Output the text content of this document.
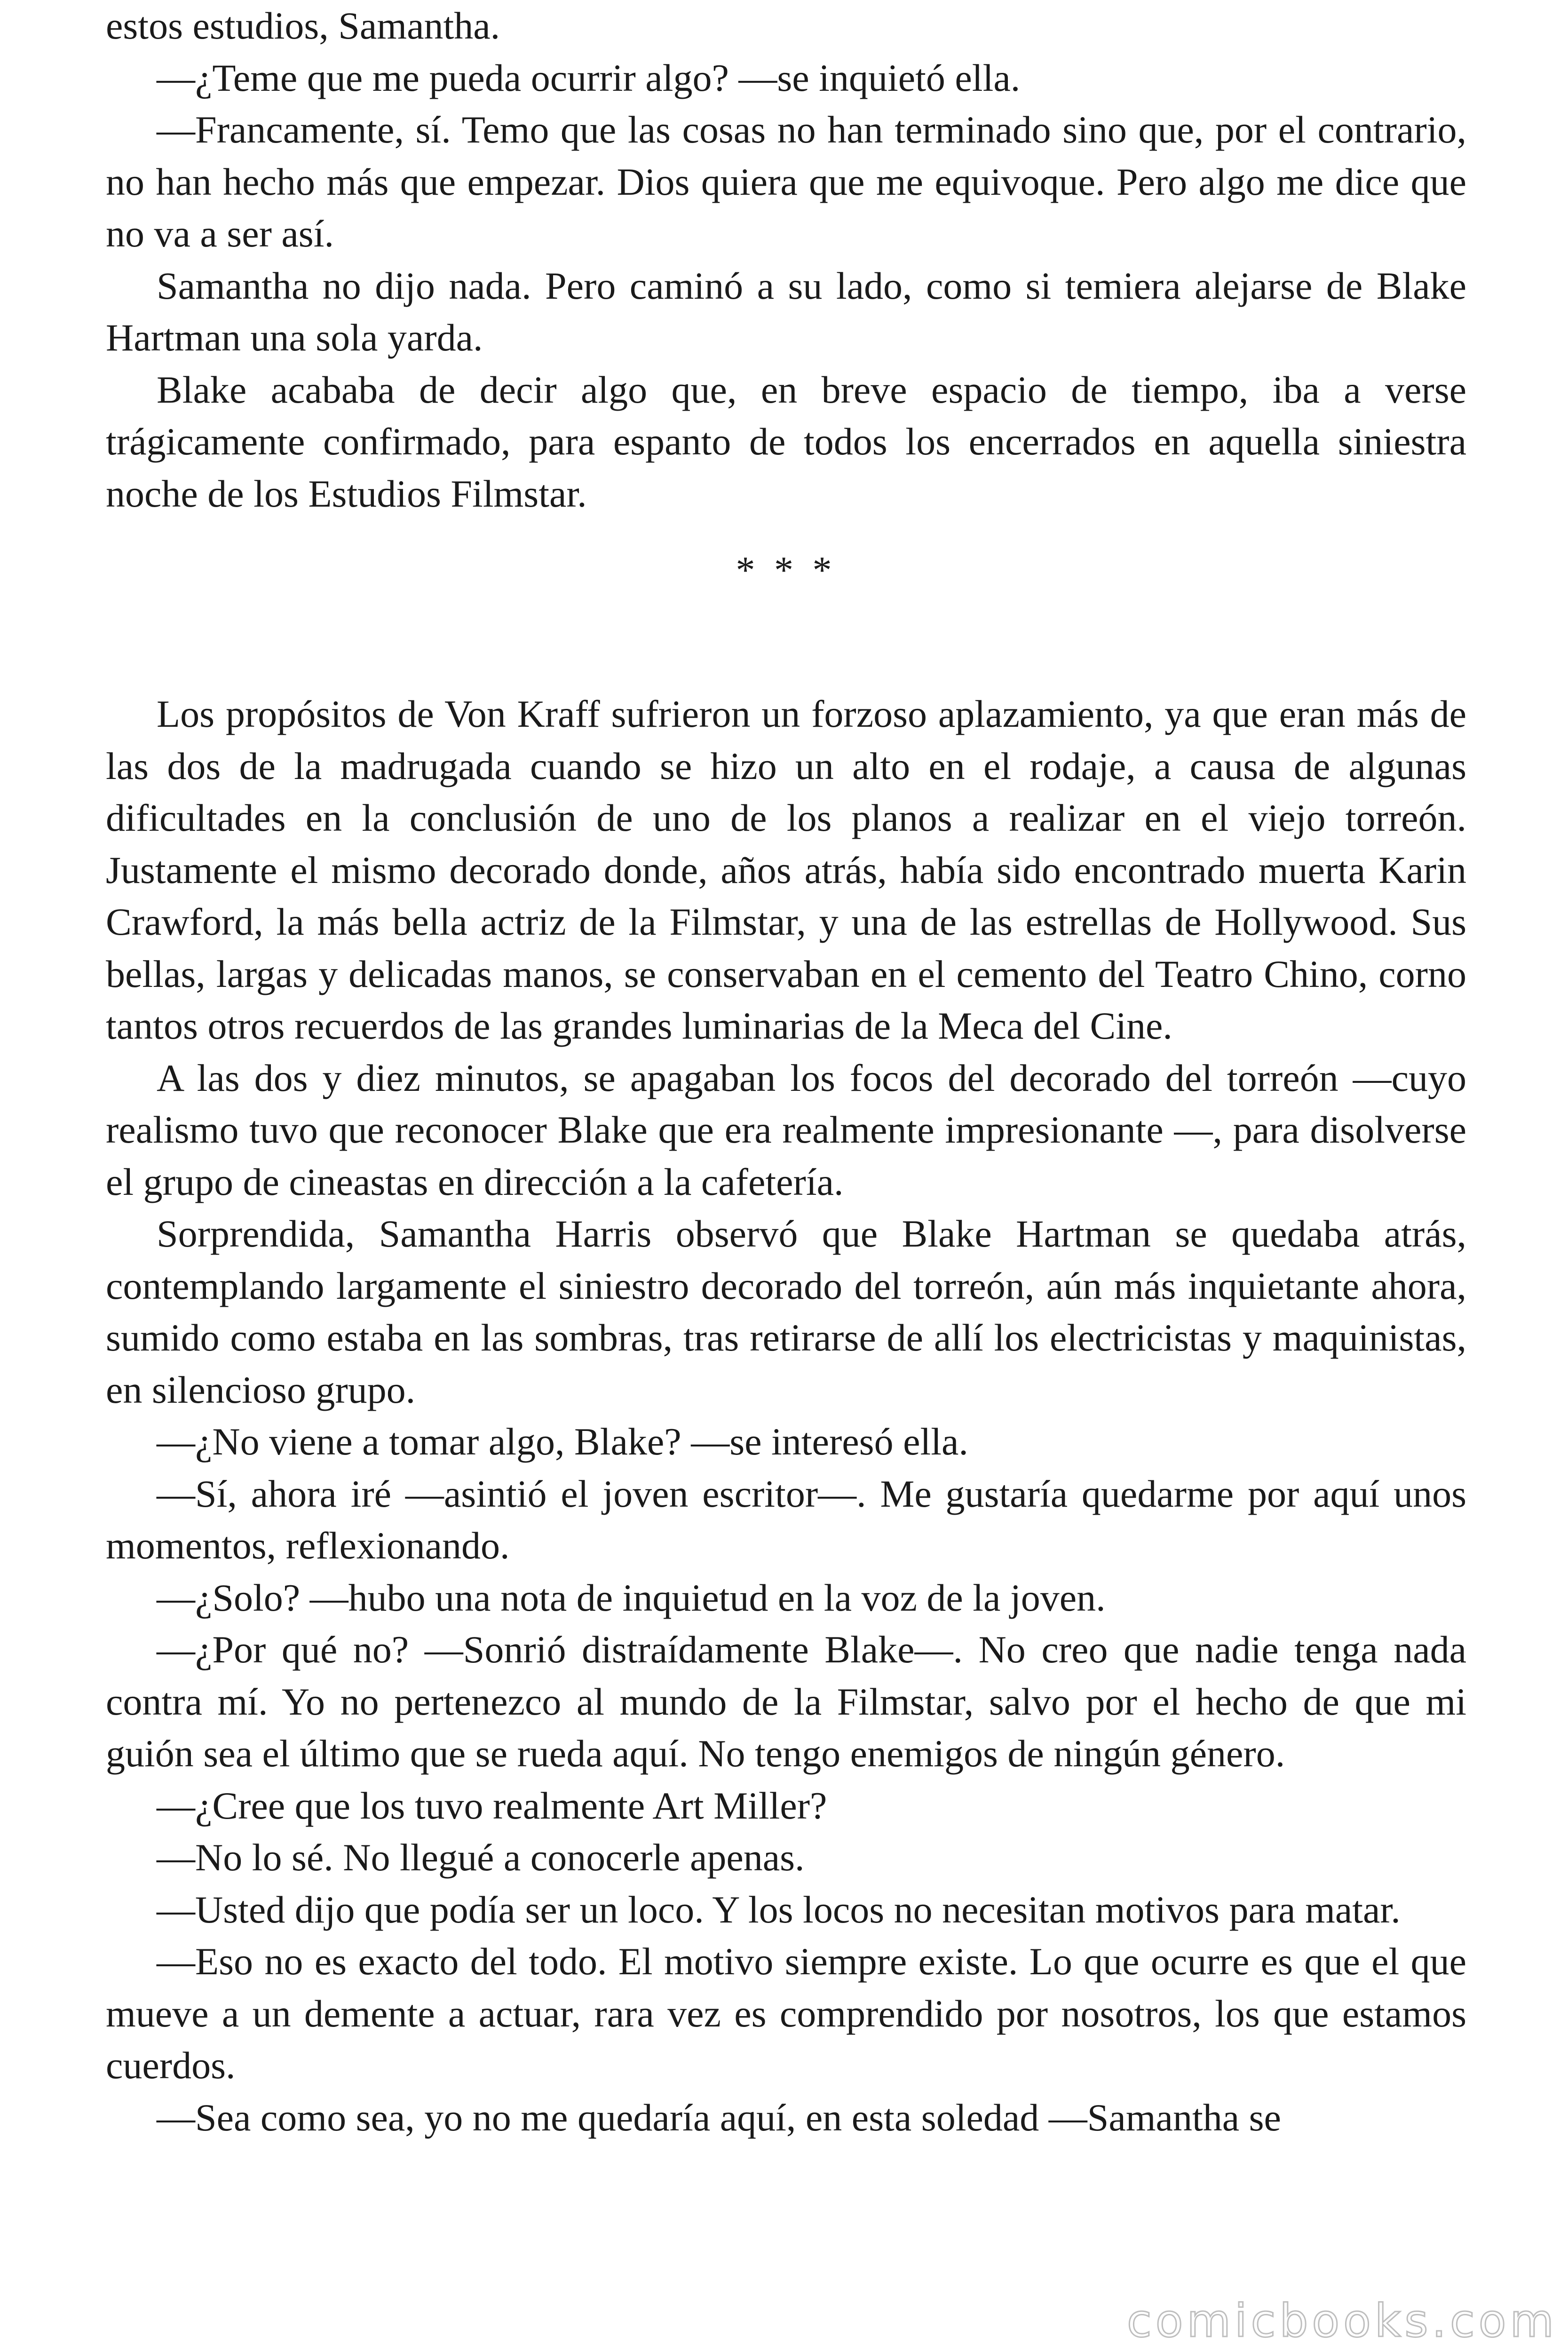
estos estudios, Samantha.

—¿Teme que me pueda ocurrir algo? —se inquietó ella.

—Francamente, sí. Temo que las cosas no han terminado sino que, por el contrario, no han hecho más que empezar. Dios quiera que me equivoque. Pero algo me dice que no va a ser así.

Samantha no dijo nada. Pero caminó a su lado, como si temiera alejarse de Blake Hartman una sola yarda.

Blake acababa de decir algo que, en breve espacio de tiempo, iba a verse trágicamente confirmado, para espanto de todos los encerrados en aquella siniestra noche de los Estudios Filmstar.

* * *

Los propósitos de Von Kraff sufrieron un forzoso aplazamiento, ya que eran más de las dos de la madrugada cuando se hizo un alto en el rodaje, a causa de algunas dificultades en la conclusión de uno de los planos a realizar en el viejo torreón. Justamente el mismo decorado donde, años atrás, había sido encontrado muerta Karin Crawford, la más bella actriz de la Filmstar, y una de las estrellas de Hollywood. Sus bellas, largas y delicadas manos, se conservaban en el cemento del Teatro Chino, corno tantos otros recuerdos de las grandes luminarias de la Meca del Cine.

A las dos y diez minutos, se apagaban los focos del decorado del torreón —cuyo realismo tuvo que reconocer Blake que era realmente impresionante —, para disolverse el grupo de cineastas en dirección a la cafetería.

Sorprendida, Samantha Harris observó que Blake Hartman se quedaba atrás, contemplando largamente el siniestro decorado del torreón, aún más inquietante ahora, sumido como estaba en las sombras, tras retirarse de allí los electricistas y maquinistas, en silencioso grupo.

—¿No viene a tomar algo, Blake? —se interesó ella.

—Sí, ahora iré —asintió el joven escritor—. Me gustaría quedarme por aquí unos momentos, reflexionando.

—¿Solo? —hubo una nota de inquietud en la voz de la joven.

—¿Por qué no? —Sonrió distraídamente Blake—. No creo que nadie tenga nada contra mí. Yo no pertenezco al mundo de la Filmstar, salvo por el hecho de que mi guión sea el último que se rueda aquí. No tengo enemigos de ningún género.

—¿Cree que los tuvo realmente Art Miller?

—No lo sé. No llegué a conocerle apenas.

—Usted dijo que podía ser un loco. Y los locos no necesitan motivos para matar.

—Eso no es exacto del todo. El motivo siempre existe. Lo que ocurre es que el que mueve a un demente a actuar, rara vez es comprendido por nosotros, los que estamos cuerdos.

—Sea como sea, yo no me quedaría aquí, en esta soledad —Samantha se

comicbooks.com
